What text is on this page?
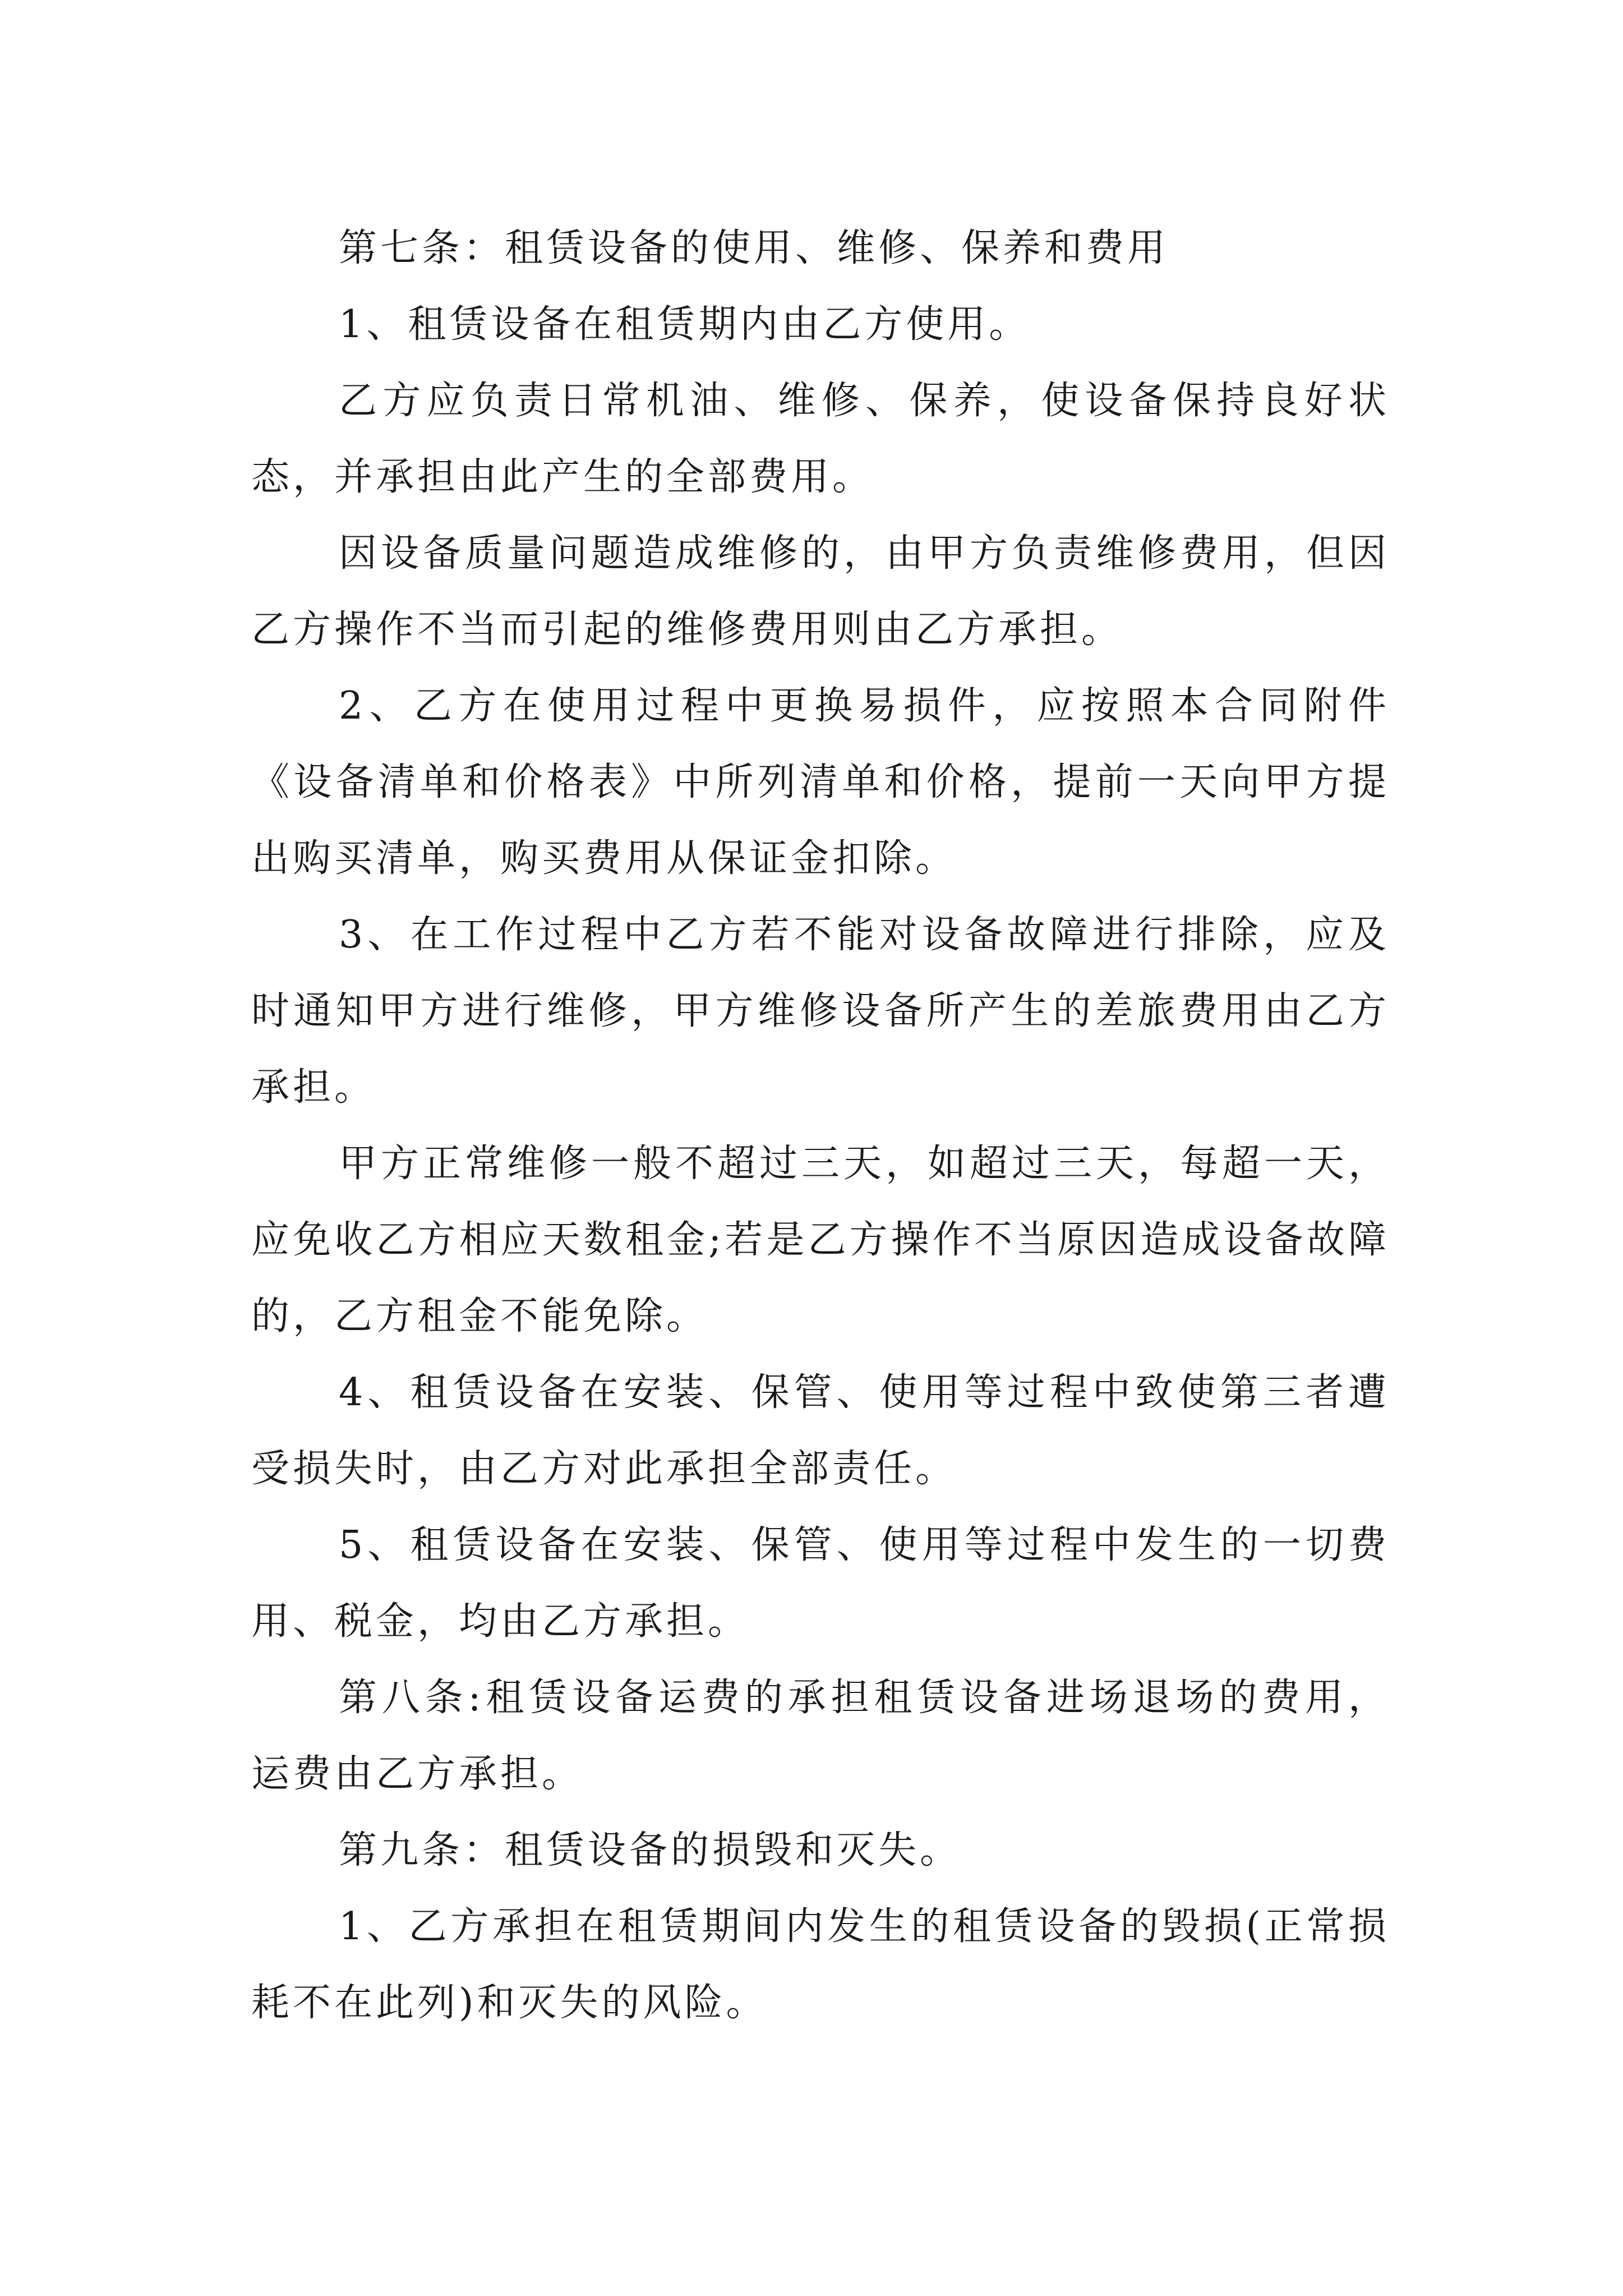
第七条：租赁设备的使用、维修、保养和费用

1、租赁设备在租赁期内由乙方使用。

乙方应负责日常机油、维修、保养，使设备保持良好状态，并承担由此产生的全部费用。

因设备质量问题造成维修的，由甲方负责维修费用，但因乙方操作不当而引起的维修费用则由乙方承担。

2、乙方在使用过程中更换易损件，应按照本合同附件《设备清单和价格表》中所列清单和价格，提前一天向甲方提出购买清单，购买费用从保证金扣除。

3、在工作过程中乙方若不能对设备故障进行排除，应及时通知甲方进行维修，甲方维修设备所产生的差旅费用由乙方承担。

甲方正常维修一般不超过三天，如超过三天，每超一天，应免收乙方相应天数租金;若是乙方操作不当原因造成设备故障的，乙方租金不能免除。

4、租赁设备在安装、保管、使用等过程中致使第三者遭受损失时，由乙方对此承担全部责任。

5、租赁设备在安装、保管、使用等过程中发生的一切费用、税金，均由乙方承担。

第八条:租赁设备运费的承担租赁设备进场退场的费用，运费由乙方承担。

第九条：租赁设备的损毁和灭失。

1、乙方承担在租赁期间内发生的租赁设备的毁损(正常损耗不在此列)和灭失的风险。
